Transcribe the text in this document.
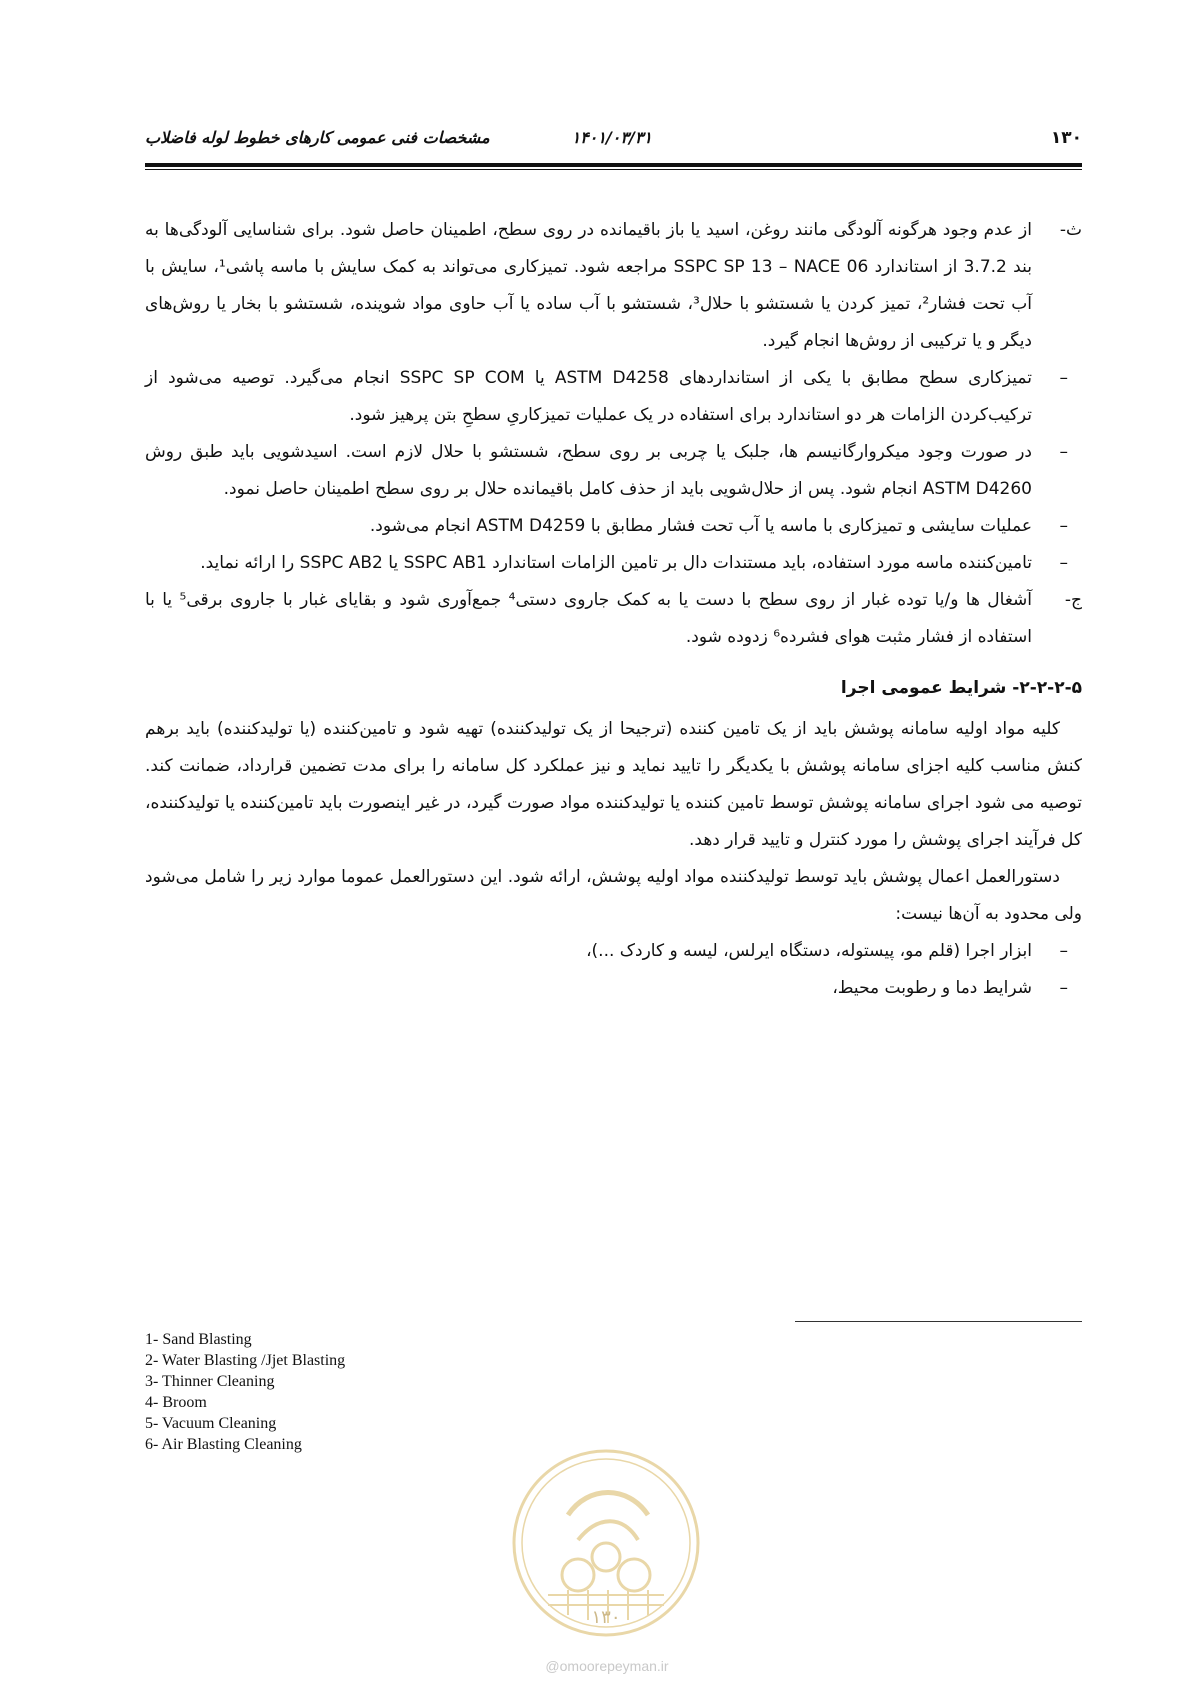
۱۳۰
۱۴۰۱/۰۳/۳۱
مشخصات فنی عمومی کارهای خطوط لوله فاضلاب
ث-
از عدم وجود هرگونه آلودگی مانند روغن، اسید یا باز باقیمانده در روی سطح، اطمینان حاصل شود. برای شناسایی آلودگی‌ها به بند 3.7.2 از استاندارد SSPC SP 13 – NACE 06 مراجعه شود. تمیزکاری می‌تواند به کمک سایش با ماسه پاشی¹، سایش با آب تحت فشار²، تمیز کردن یا شستشو با حلال³، شستشو با آب ساده یا آب حاوی مواد شوینده، شستشو با بخار یا روش‌های دیگر و یا ترکیبی از روش‌ها انجام گیرد.
–
تمیزکاری سطح مطابق با یکی از استانداردهای ASTM D4258 یا SSPC SP COM انجام می‌گیرد. توصیه می‌شود از ترکیب‌کردن الزامات هر دو استاندارد برای استفاده در یک عملیات تمیزکاریِ سطحِ بتن پرهیز شود.
–
در صورت وجود میکروارگانیسم ها، جلبک یا چربی بر روی سطح، شستشو با حلال لازم است. اسیدشویی باید طبق روش ASTM D4260 انجام شود. پس از حلال‌شویی باید از حذف کامل باقیمانده حلال بر روی سطح اطمینان حاصل نمود.
–
عملیات سایشی و تمیزکاری با ماسه یا آب تحت فشار مطابق با ASTM D4259 انجام می‌شود.
–
تامین‌کننده ماسه مورد استفاده، باید مستندات دال بر تامین الزامات استاندارد SSPC AB1 یا SSPC AB2 را ارائه نماید.
ج-
آشغال ها و/یا توده غبار از روی سطح با دست یا به کمک جاروی دستی⁴ جمع‌آوری شود و بقایای غبار با جاروی برقی⁵ یا با استفاده از فشار مثبت هوای فشرده⁶ زدوده شود.
۲-۲-۲-۵- شرایط عمومی اجرا

کلیه مواد اولیه سامانه پوشش باید از یک تامین کننده (ترجیحا از یک تولیدکننده) تهیه شود و تامین‌کننده (یا تولیدکننده) باید برهم کنش مناسب کلیه اجزای سامانه پوشش با یکدیگر را تایید نماید و نیز عملکرد کل سامانه را برای مدت تضمین قرارداد، ضمانت کند. توصیه می شود اجرای سامانه پوشش توسط تامین کننده یا تولیدکننده مواد صورت گیرد، در غیر اینصورت باید تامین‌کننده یا تولیدکننده، کل فرآیند اجرای پوشش را مورد کنترل و تایید قرار دهد.

دستورالعمل اعمال پوشش باید توسط تولیدکننده مواد اولیه پوشش، ارائه شود. این دستورالعمل عموما موارد زیر را شامل می‌شود ولی محدود به آن‌ها نیست:

–
ابزار اجرا (قلم مو، پیستوله، دستگاه ایرلس، لیسه و کاردک ...)،
–
شرایط دما و رطوبت محیط،
1- Sand Blasting
2- Water Blasting /Jjet Blasting
3- Thinner Cleaning
4- Broom
5- Vacuum Cleaning
6- Air Blasting Cleaning
۱۳۰
@omoorepeyman.ir
